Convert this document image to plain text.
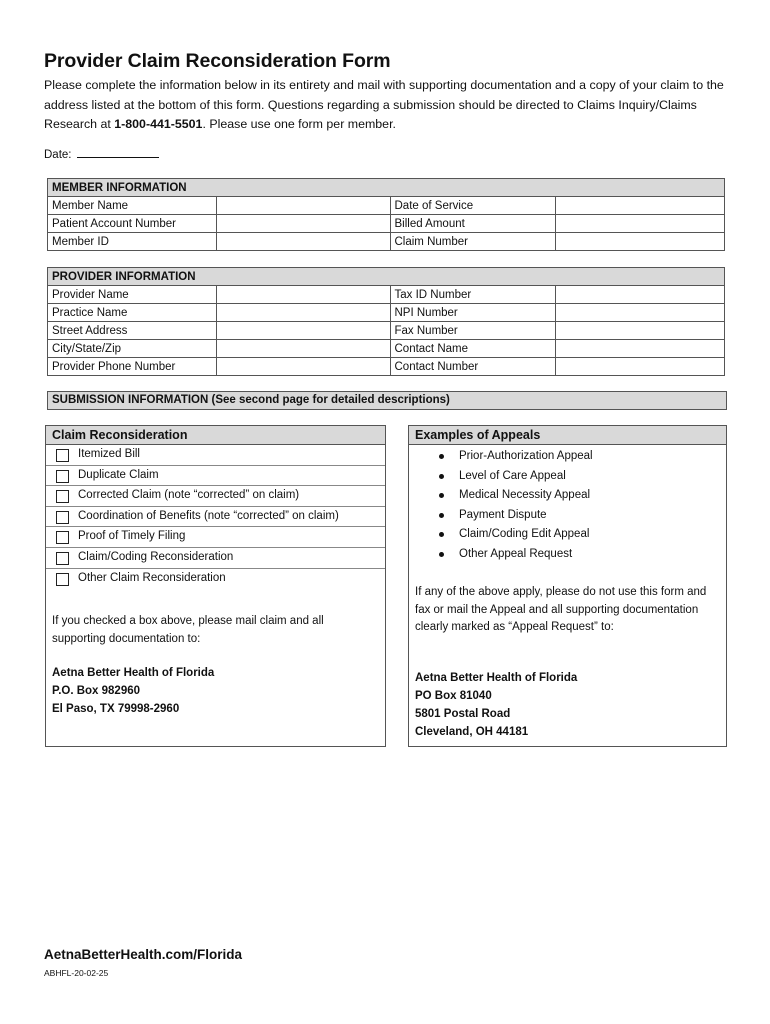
Provider Claim Reconsideration Form

Please complete the information below in its entirety and mail with supporting documentation and a copy of your claim to the address listed at the bottom of this form. Questions regarding a submission should be directed to Claims Inquiry/Claims Research at 1-800-441-5501. Please use one form per member.

Date:
MEMBER INFORMATION			
Member Name		Date of Service	
Patient Account Number		Billed Amount	
Member ID		Claim Number	
PROVIDER INFORMATION			
Provider Name		Tax ID Number	
Practice Name		NPI Number	
Street Address		Fax Number	
City/State/Zip		Contact Name	
Provider Phone Number		Contact Number	
SUBMISSION INFORMATION (See second page for detailed descriptions)
Claim Reconsideration
Itemized Bill
Duplicate Claim
Corrected Claim (note “corrected” on claim)
Coordination of Benefits (note “corrected” on claim)
Proof of Timely Filing
Claim/Coding Reconsideration
Other Claim Reconsideration
If you checked a box above, please mail claim and all supporting documentation to:
Aetna Better Health of Florida
P.O. Box 982960
El Paso, TX 79998-2960
Examples of Appeals
Prior-Authorization Appeal
Level of Care Appeal
Medical Necessity Appeal
Payment Dispute
Claim/Coding Edit Appeal
Other Appeal Request
If any of the above apply, please do not use this form and fax or mail the Appeal and all supporting documentation clearly marked as “Appeal Request” to:
Aetna Better Health of Florida
PO Box 81040
5801 Postal Road
Cleveland, OH 44181
AetnaBetterHealth.com/Florida
ABHFL-20-02-25
